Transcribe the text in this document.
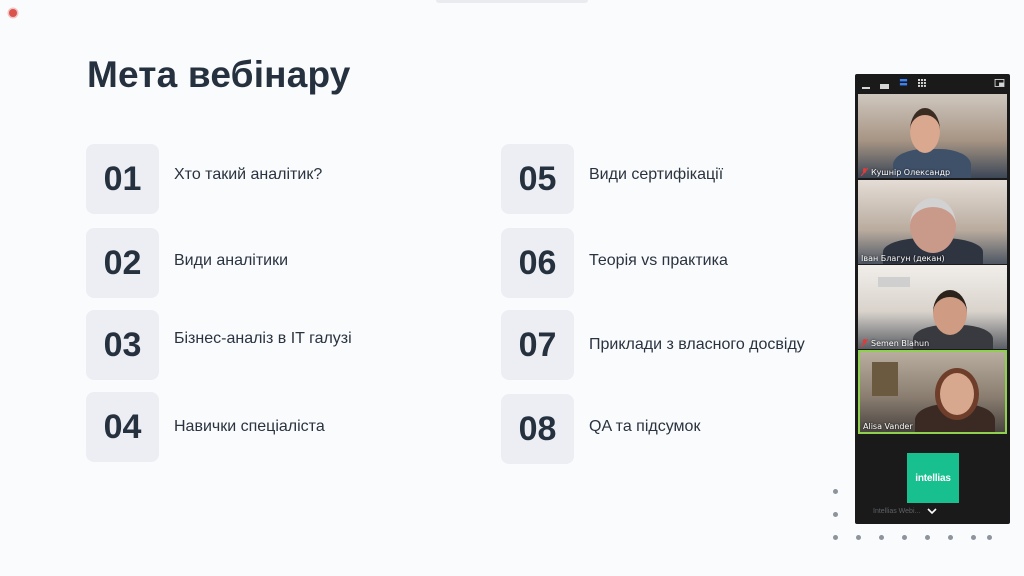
Мета вебінару
01	Хто такий аналітик?
02	Види аналітики
03	Бізнес-аналіз в IT галузі
04	Навички спеціаліста
05	Види сертифікації
06	Теорія vs практика
07	Приклади з власного досвіду
08	QA та підсумок
Кушнір Олександр
Іван Благун (декан)
Semen Blahun
Alisa Vander
intellias
Intellias Webi...
